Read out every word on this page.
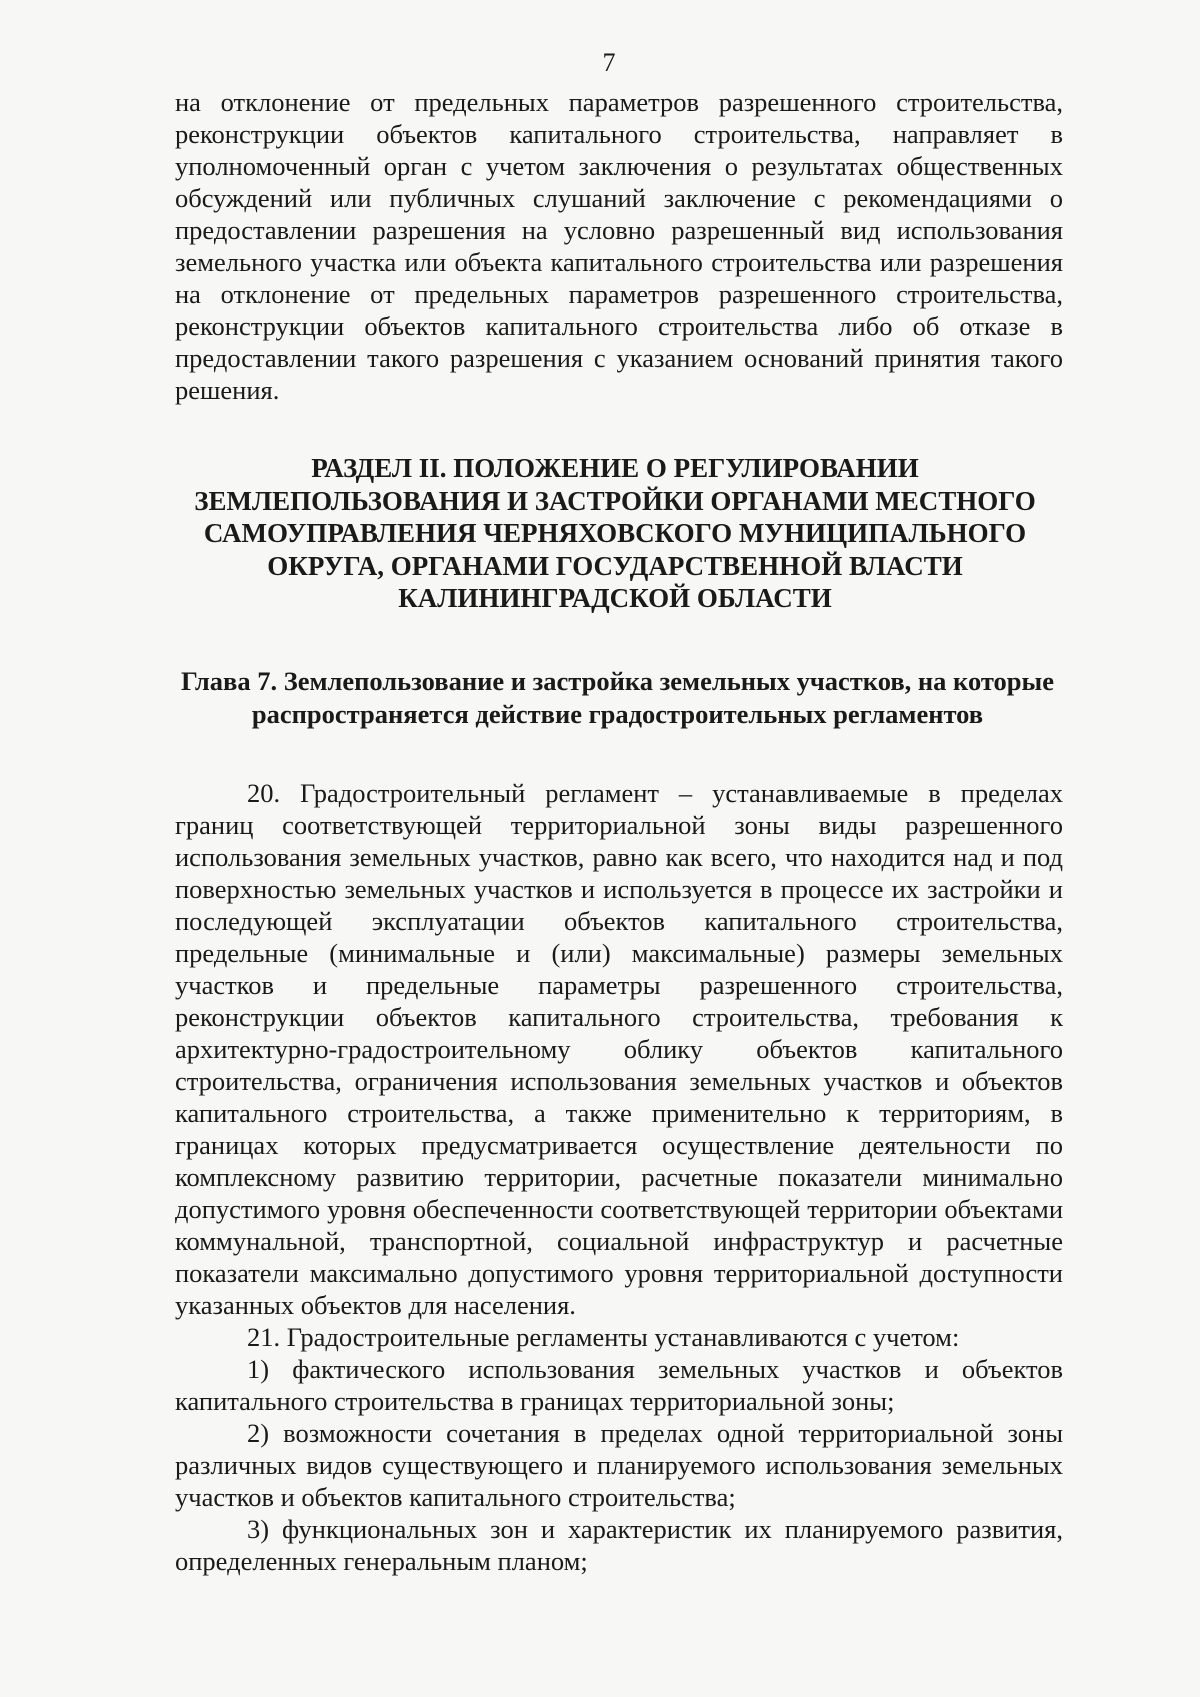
7

на отклонение от предельных параметров разрешенного строительства, реконструкции объектов капитального строительства, направляет в уполномоченный орган с учетом заключения о результатах общественных обсуждений или публичных слушаний заключение с рекомендациями о предоставлении разрешения на условно разрешенный вид использования земельного участка или объекта капитального строительства или разрешения на отклонение от предельных параметров разрешенного строительства, реконструкции объектов капитального строительства либо об отказе в предоставлении такого разрешения с указанием оснований принятия такого решения.

РАЗДЕЛ II. ПОЛОЖЕНИЕ О РЕГУЛИРОВАНИИ ЗЕМЛЕПОЛЬЗОВАНИЯ И ЗАСТРОЙКИ ОРГАНАМИ МЕСТНОГО САМОУПРАВЛЕНИЯ ЧЕРНЯХОВСКОГО МУНИЦИПАЛЬНОГО ОКРУГА, ОРГАНАМИ ГОСУДАРСТВЕННОЙ ВЛАСТИ КАЛИНИНГРАДСКОЙ ОБЛАСТИ
Глава 7. Землепользование и застройка земельных участков, на которые распространяется действие градостроительных регламентов

20. Градостроительный регламент – устанавливаемые в пределах границ соответствующей территориальной зоны виды разрешенного использования земельных участков, равно как всего, что находится над и под поверхностью земельных участков и используется в процессе их застройки и последующей эксплуатации объектов капитального строительства, предельные (минимальные и (или) максимальные) размеры земельных участков и предельные параметры разрешенного строительства, реконструкции объектов капитального строительства, требования к архитектурно-градостроительному облику объектов капитального строительства, ограничения использования земельных участков и объектов капитального строительства, а также применительно к территориям, в границах которых предусматривается осуществление деятельности по комплексному развитию территории, расчетные показатели минимально допустимого уровня обеспеченности соответствующей территории объектами коммунальной, транспортной, социальной инфраструктур и расчетные показатели максимально допустимого уровня территориальной доступности указанных объектов для населения.

21. Градостроительные регламенты устанавливаются с учетом:

1) фактического использования земельных участков и объектов капитального строительства в границах территориальной зоны;

2) возможности сочетания в пределах одной территориальной зоны различных видов существующего и планируемого использования земельных участков и объектов капитального строительства;

3) функциональных зон и характеристик их планируемого развития, определенных генеральным планом;
